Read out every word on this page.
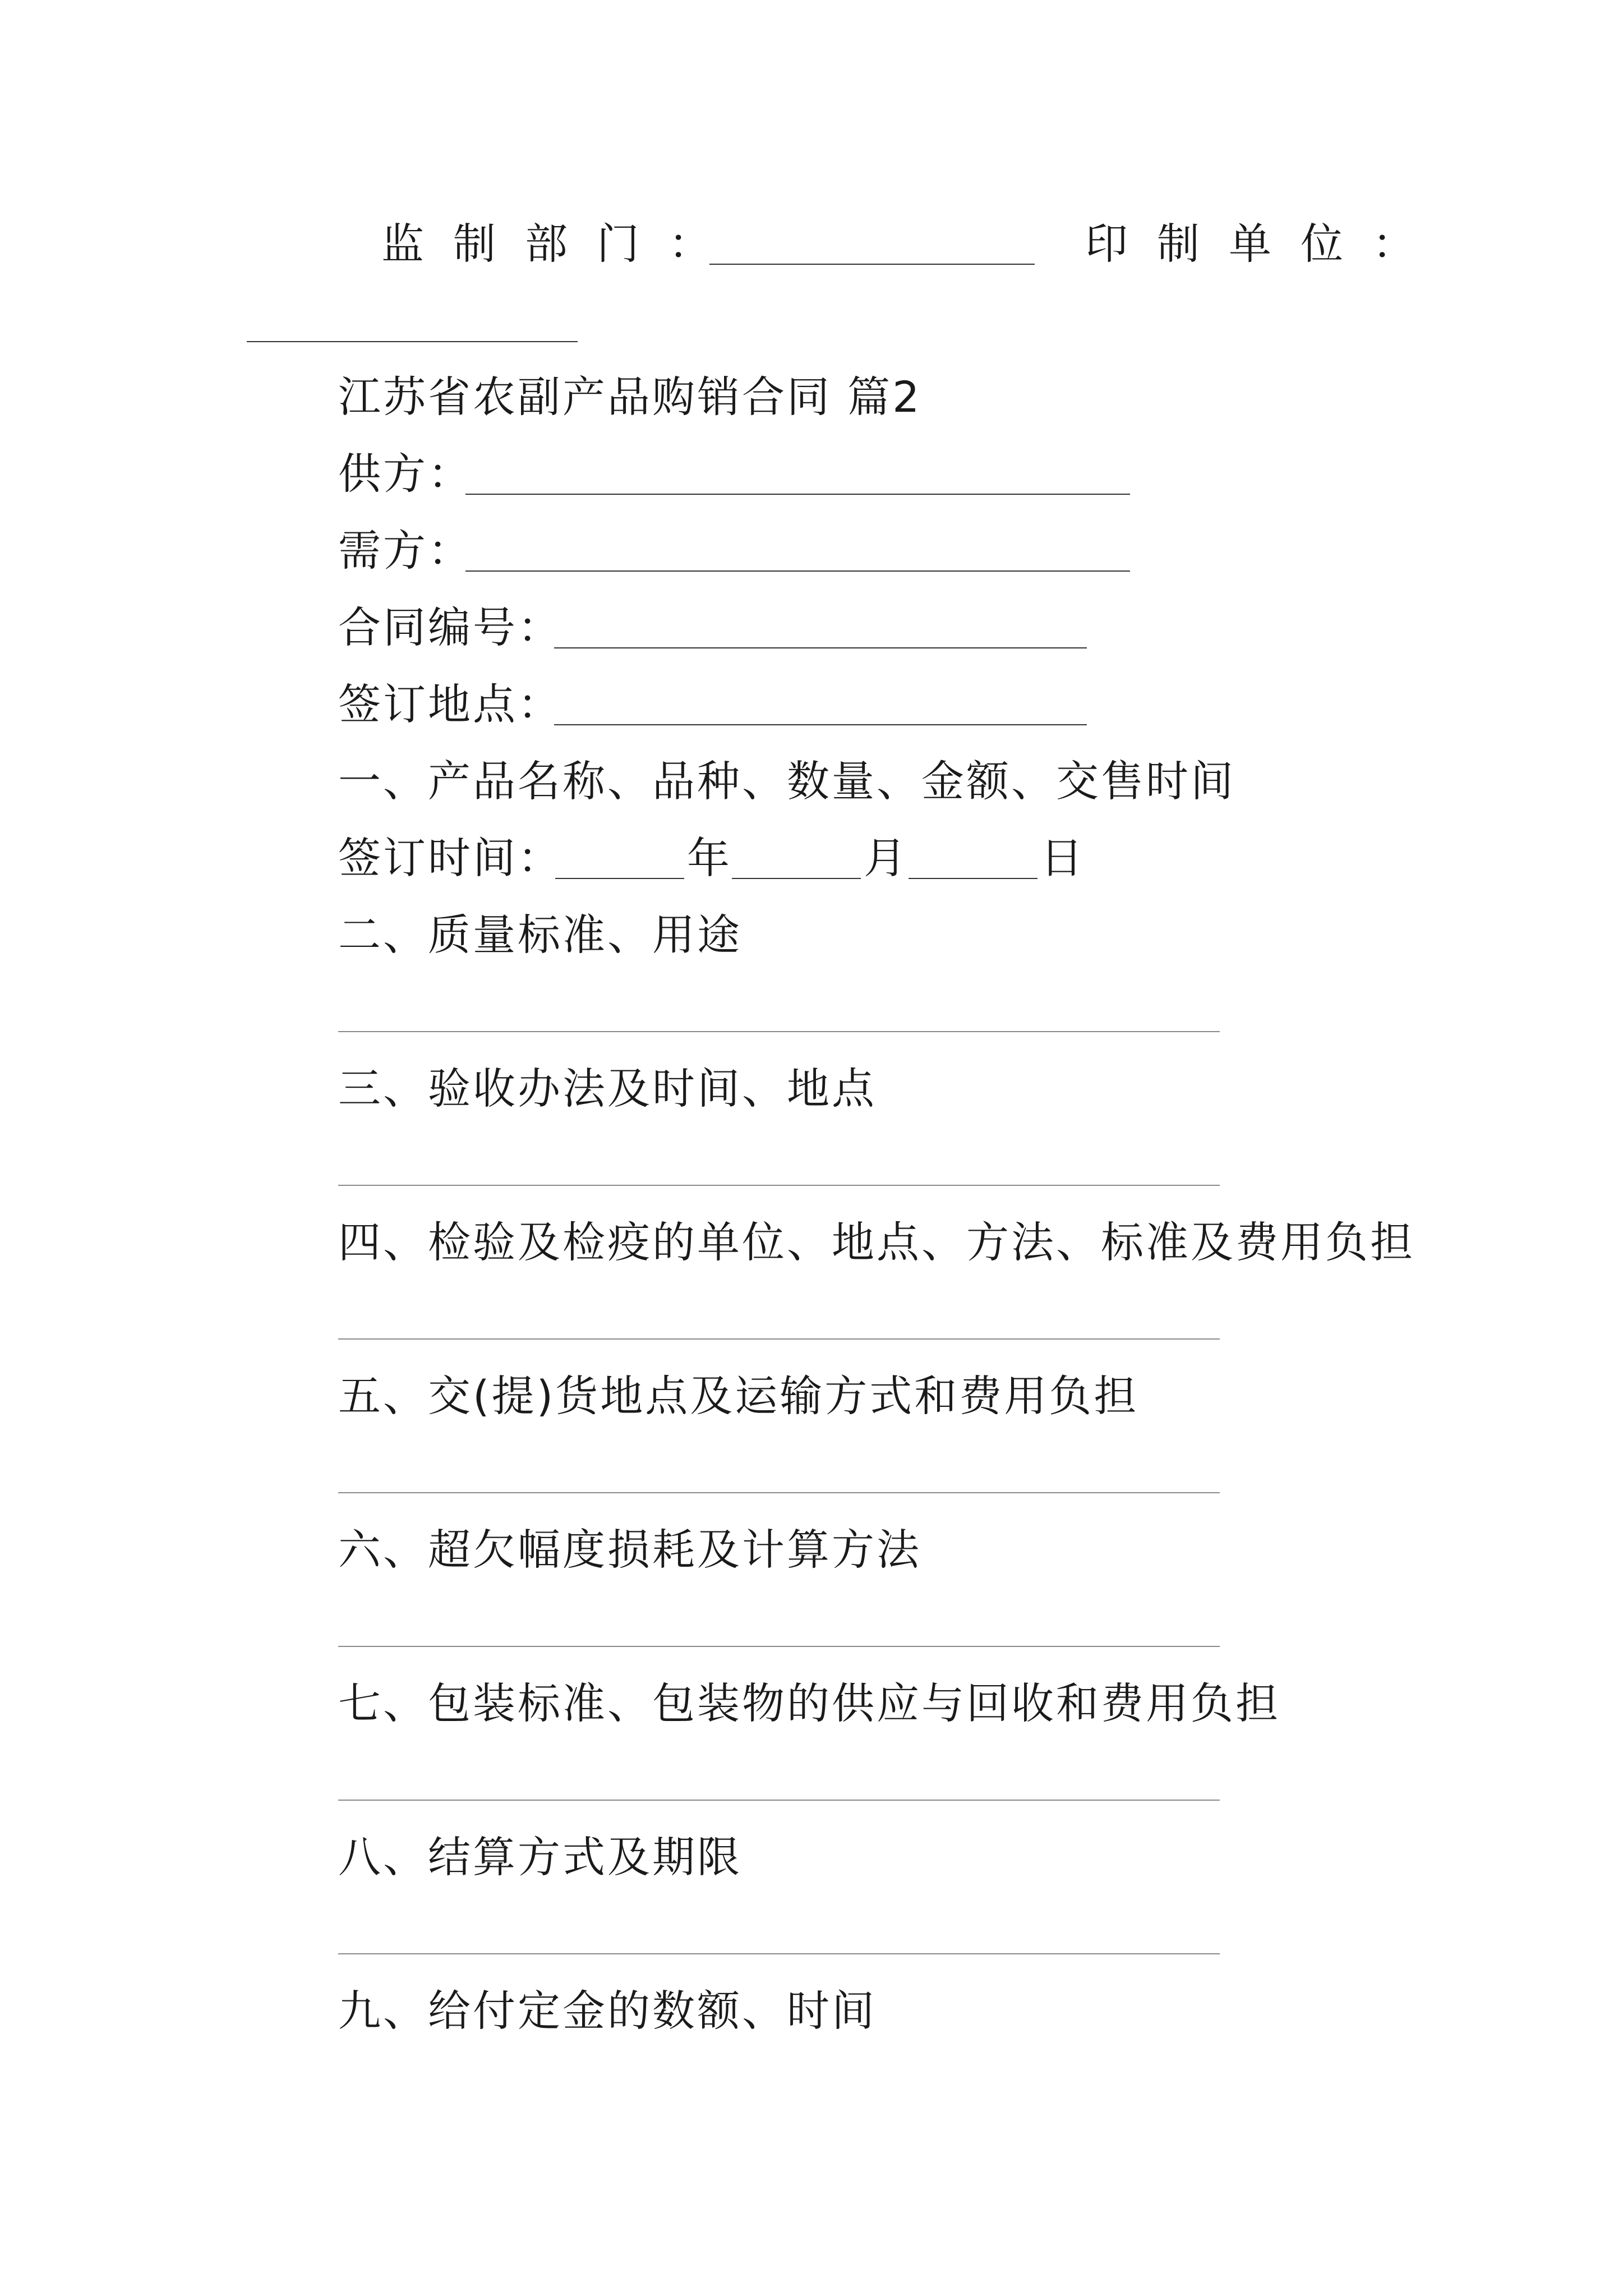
监制部门：	印制单位：
江苏省农副产品购销合同 篇2
供方：
需方：
合同编号：
签订地点：
一、产品名称、品种、数量、金额、交售时间
签订时间：	年	月	日
二、质量标准、用途
三、验收办法及时间、地点
四、检验及检疫的单位、地点、方法、标准及费用负担
五、交(提)货地点及运输方式和费用负担
六、超欠幅度损耗及计算方法
七、包装标准、包装物的供应与回收和费用负担
八、结算方式及期限
九、给付定金的数额、时间
